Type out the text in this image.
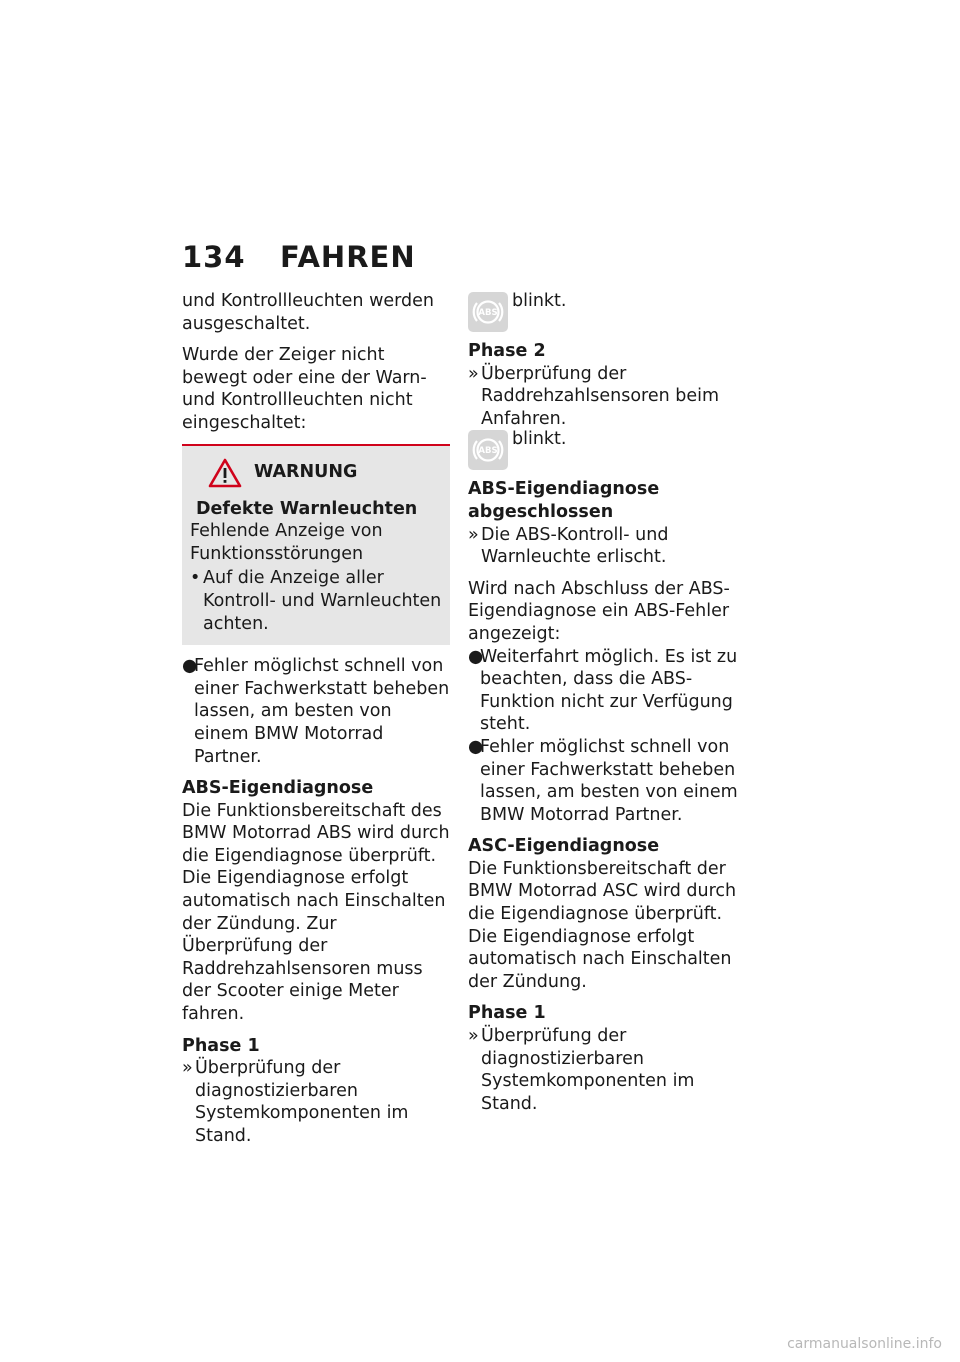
134 FAHREN

und Kontrollleuchten werden ausgeschaltet.

Wurde der Zeiger nicht bewegt oder eine der Warn- und Kontrollleuchten nicht eingeschaltet:

WARNUNG

Defekte Warnleuchten

Fehlende Anzeige von Funktionsstörungen

• Auf die Anzeige aller Kontroll- und Warnleuchten achten.
●
Fehler möglichst schnell von einer Fachwerkstatt beheben lassen, am besten von einem BMW Motorrad Partner.

ABS-Eigendiagnose

Die Funktionsbereitschaft des BMW Motorrad ABS wird durch die Eigendiagnose überprüft. Die Eigendiagnose erfolgt automatisch nach Einschalten der Zündung. Zur Überprüfung der Raddrehzahlsensoren muss der Scooter einige Meter fahren.

Phase 1

» Überprüfung der diagnostizierbaren Systemkomponenten im Stand.
ABS
blinkt.

Phase 2

» Überprüfung der Raddrehzahlsensoren beim Anfahren.
ABS
blinkt.

ABS-Eigendiagnose

abgeschlossen

» Die ABS-Kontroll- und Warnleuchte erlischt.

Wird nach Abschluss der ABS-Eigendiagnose ein ABS-Fehler angezeigt:

●
Weiterfahrt möglich. Es ist zu beachten, dass die ABS-Funktion nicht zur Verfügung steht.
●
Fehler möglichst schnell von einer Fachwerkstatt beheben lassen, am besten von einem BMW Motorrad Partner.

ASC-Eigendiagnose

Die Funktionsbereitschaft der BMW Motorrad ASC wird durch die Eigendiagnose überprüft. Die Eigendiagnose erfolgt automatisch nach Einschalten der Zündung.

Phase 1

» Überprüfung der diagnostizierbaren Systemkomponenten im Stand.
carmanualsonline.info
